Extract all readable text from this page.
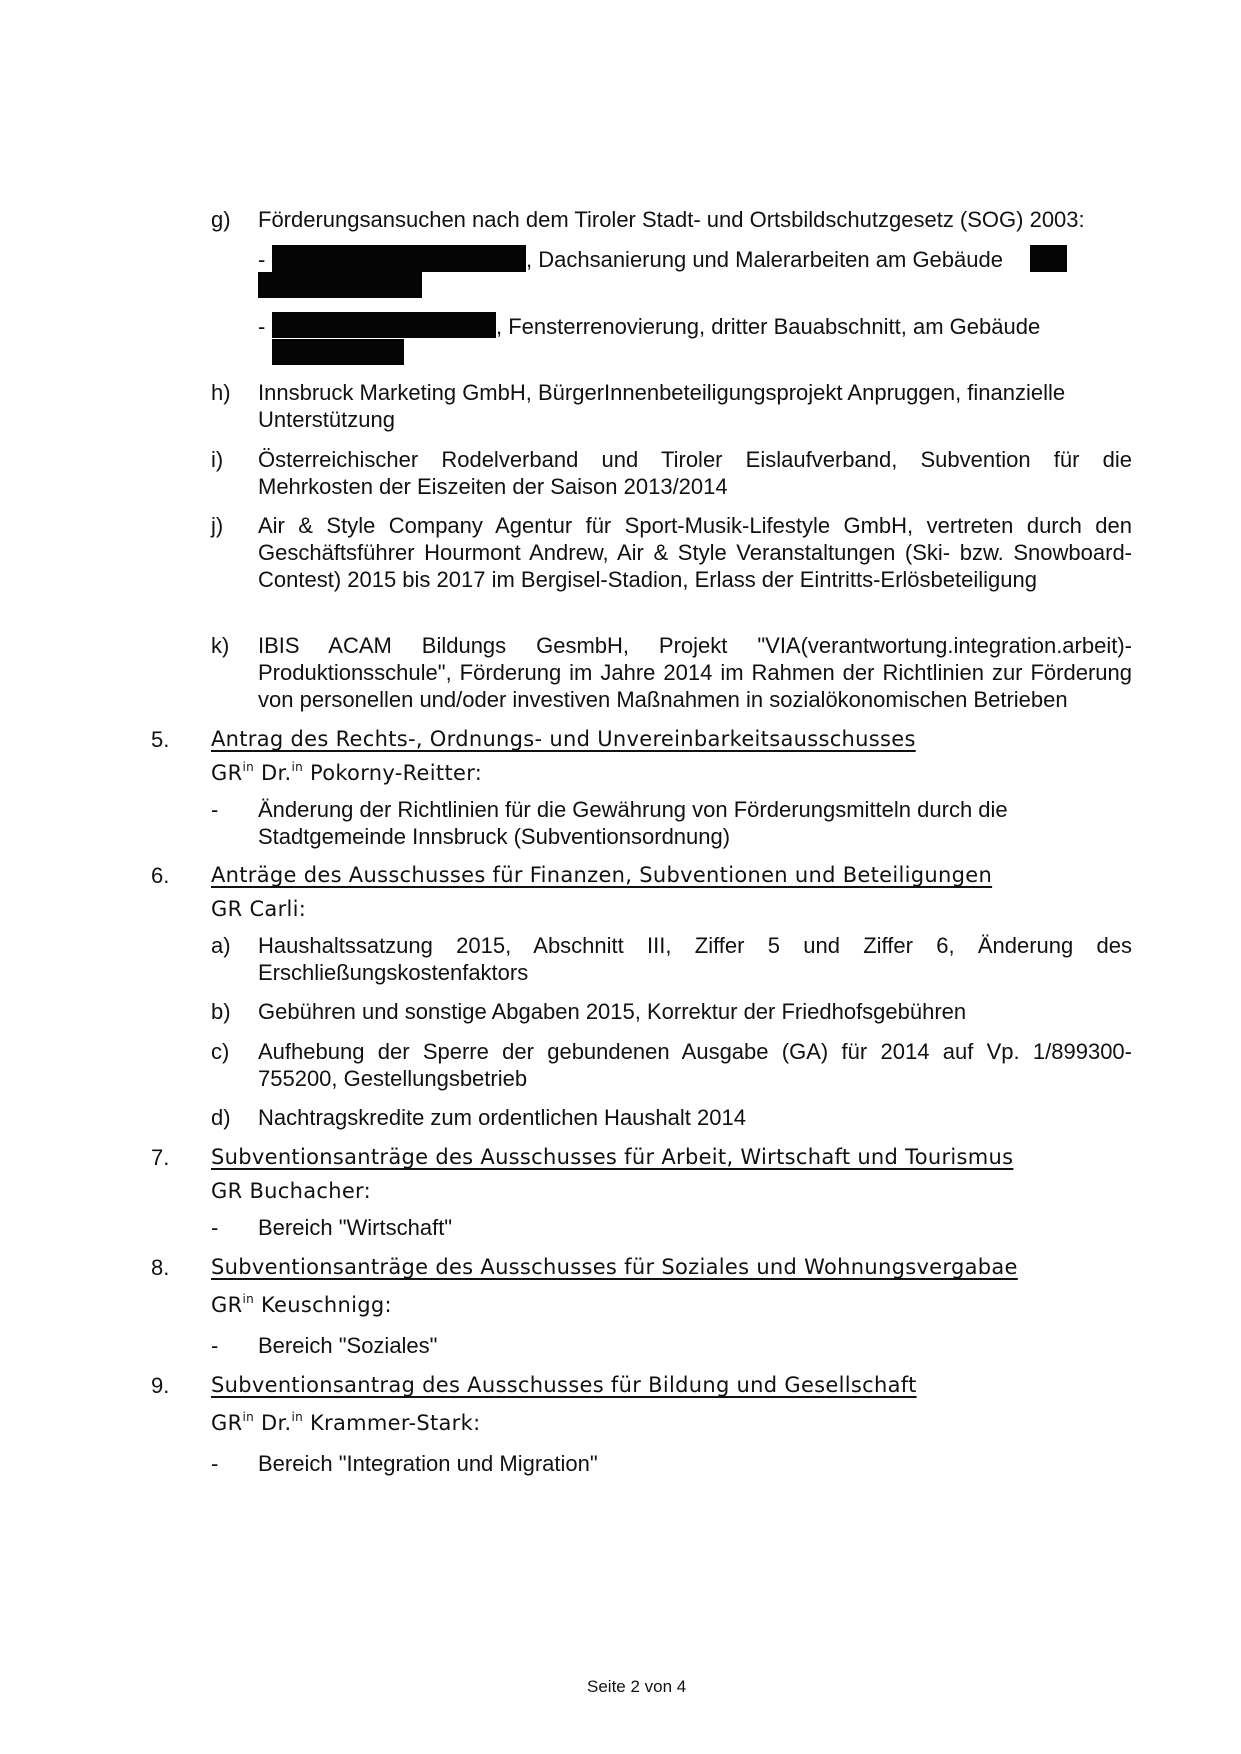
g) Förderungsansuchen nach dem Tiroler Stadt- und Ortsbildschutzgesetz (SOG) 2003:
-	, Dachsanierung und Malerarbeiten am Gebäude
-	, Fensterrenovierung, dritter Bauabschnitt, am Gebäude
h) Innsbruck Marketing GmbH, BürgerInnenbeteiligungsprojekt Anpruggen, finanzielle Unterstützung
i) Österreichischer Rodelverband und Tiroler Eislaufverband, Subvention für die Mehrkosten der Eiszeiten der Saison 2013/2014
j) Air & Style Company Agentur für Sport-Musik-Lifestyle GmbH, vertreten durch den Geschäftsführer Hourmont Andrew, Air & Style Veranstaltungen (Ski- bzw. Snowboard-Contest) 2015 bis 2017 im Bergisel-Stadion, Erlass der Eintritts-Erlösbeteiligung
k) IBIS ACAM Bildungs GesmbH, Projekt "VIA(verantwortung.integration.arbeit)-Produktionsschule", Förderung im Jahre 2014 im Rahmen der Richtlinien zur Förderung von personellen und/oder investiven Maßnahmen in sozialökonomischen Betrieben
5. Antrag des Rechts-, Ordnungs- und Unvereinbarkeitsausschusses
$GR^{in}$ Dr.$^{in}$ Pokorny-Reitter:
- Änderung der Richtlinien für die Gewährung von Förderungsmitteln durch die Stadtgemeinde Innsbruck (Subventionsordnung)
6. Anträge des Ausschusses für Finanzen, Subventionen und Beteiligungen
GR Carli:
a) Haushaltssatzung 2015, Abschnitt III, Ziffer 5 und Ziffer 6, Änderung des Erschließungskostenfaktors
b) Gebühren und sonstige Abgaben 2015, Korrektur der Friedhofsgebühren
c) Aufhebung der Sperre der gebundenen Ausgabe (GA) für 2014 auf Vp. 1/899300-755200, Gestellungsbetrieb
d) Nachtragskredite zum ordentlichen Haushalt 2014
7. Subventionsanträge des Ausschusses für Arbeit, Wirtschaft und Tourismus
GR Buchacher:
- Bereich "Wirtschaft"
8. Subventionsanträge des Ausschusses für Soziales und Wohnungsvergabae
$GR^{in}$ Keuschnigg:
- Bereich "Soziales"
9. Subventionsantrag des Ausschusses für Bildung und Gesellschaft
$GR^{in}$ Dr.$^{in}$ Krammer-Stark:
- Bereich "Integration und Migration"
Seite 2 von 4
